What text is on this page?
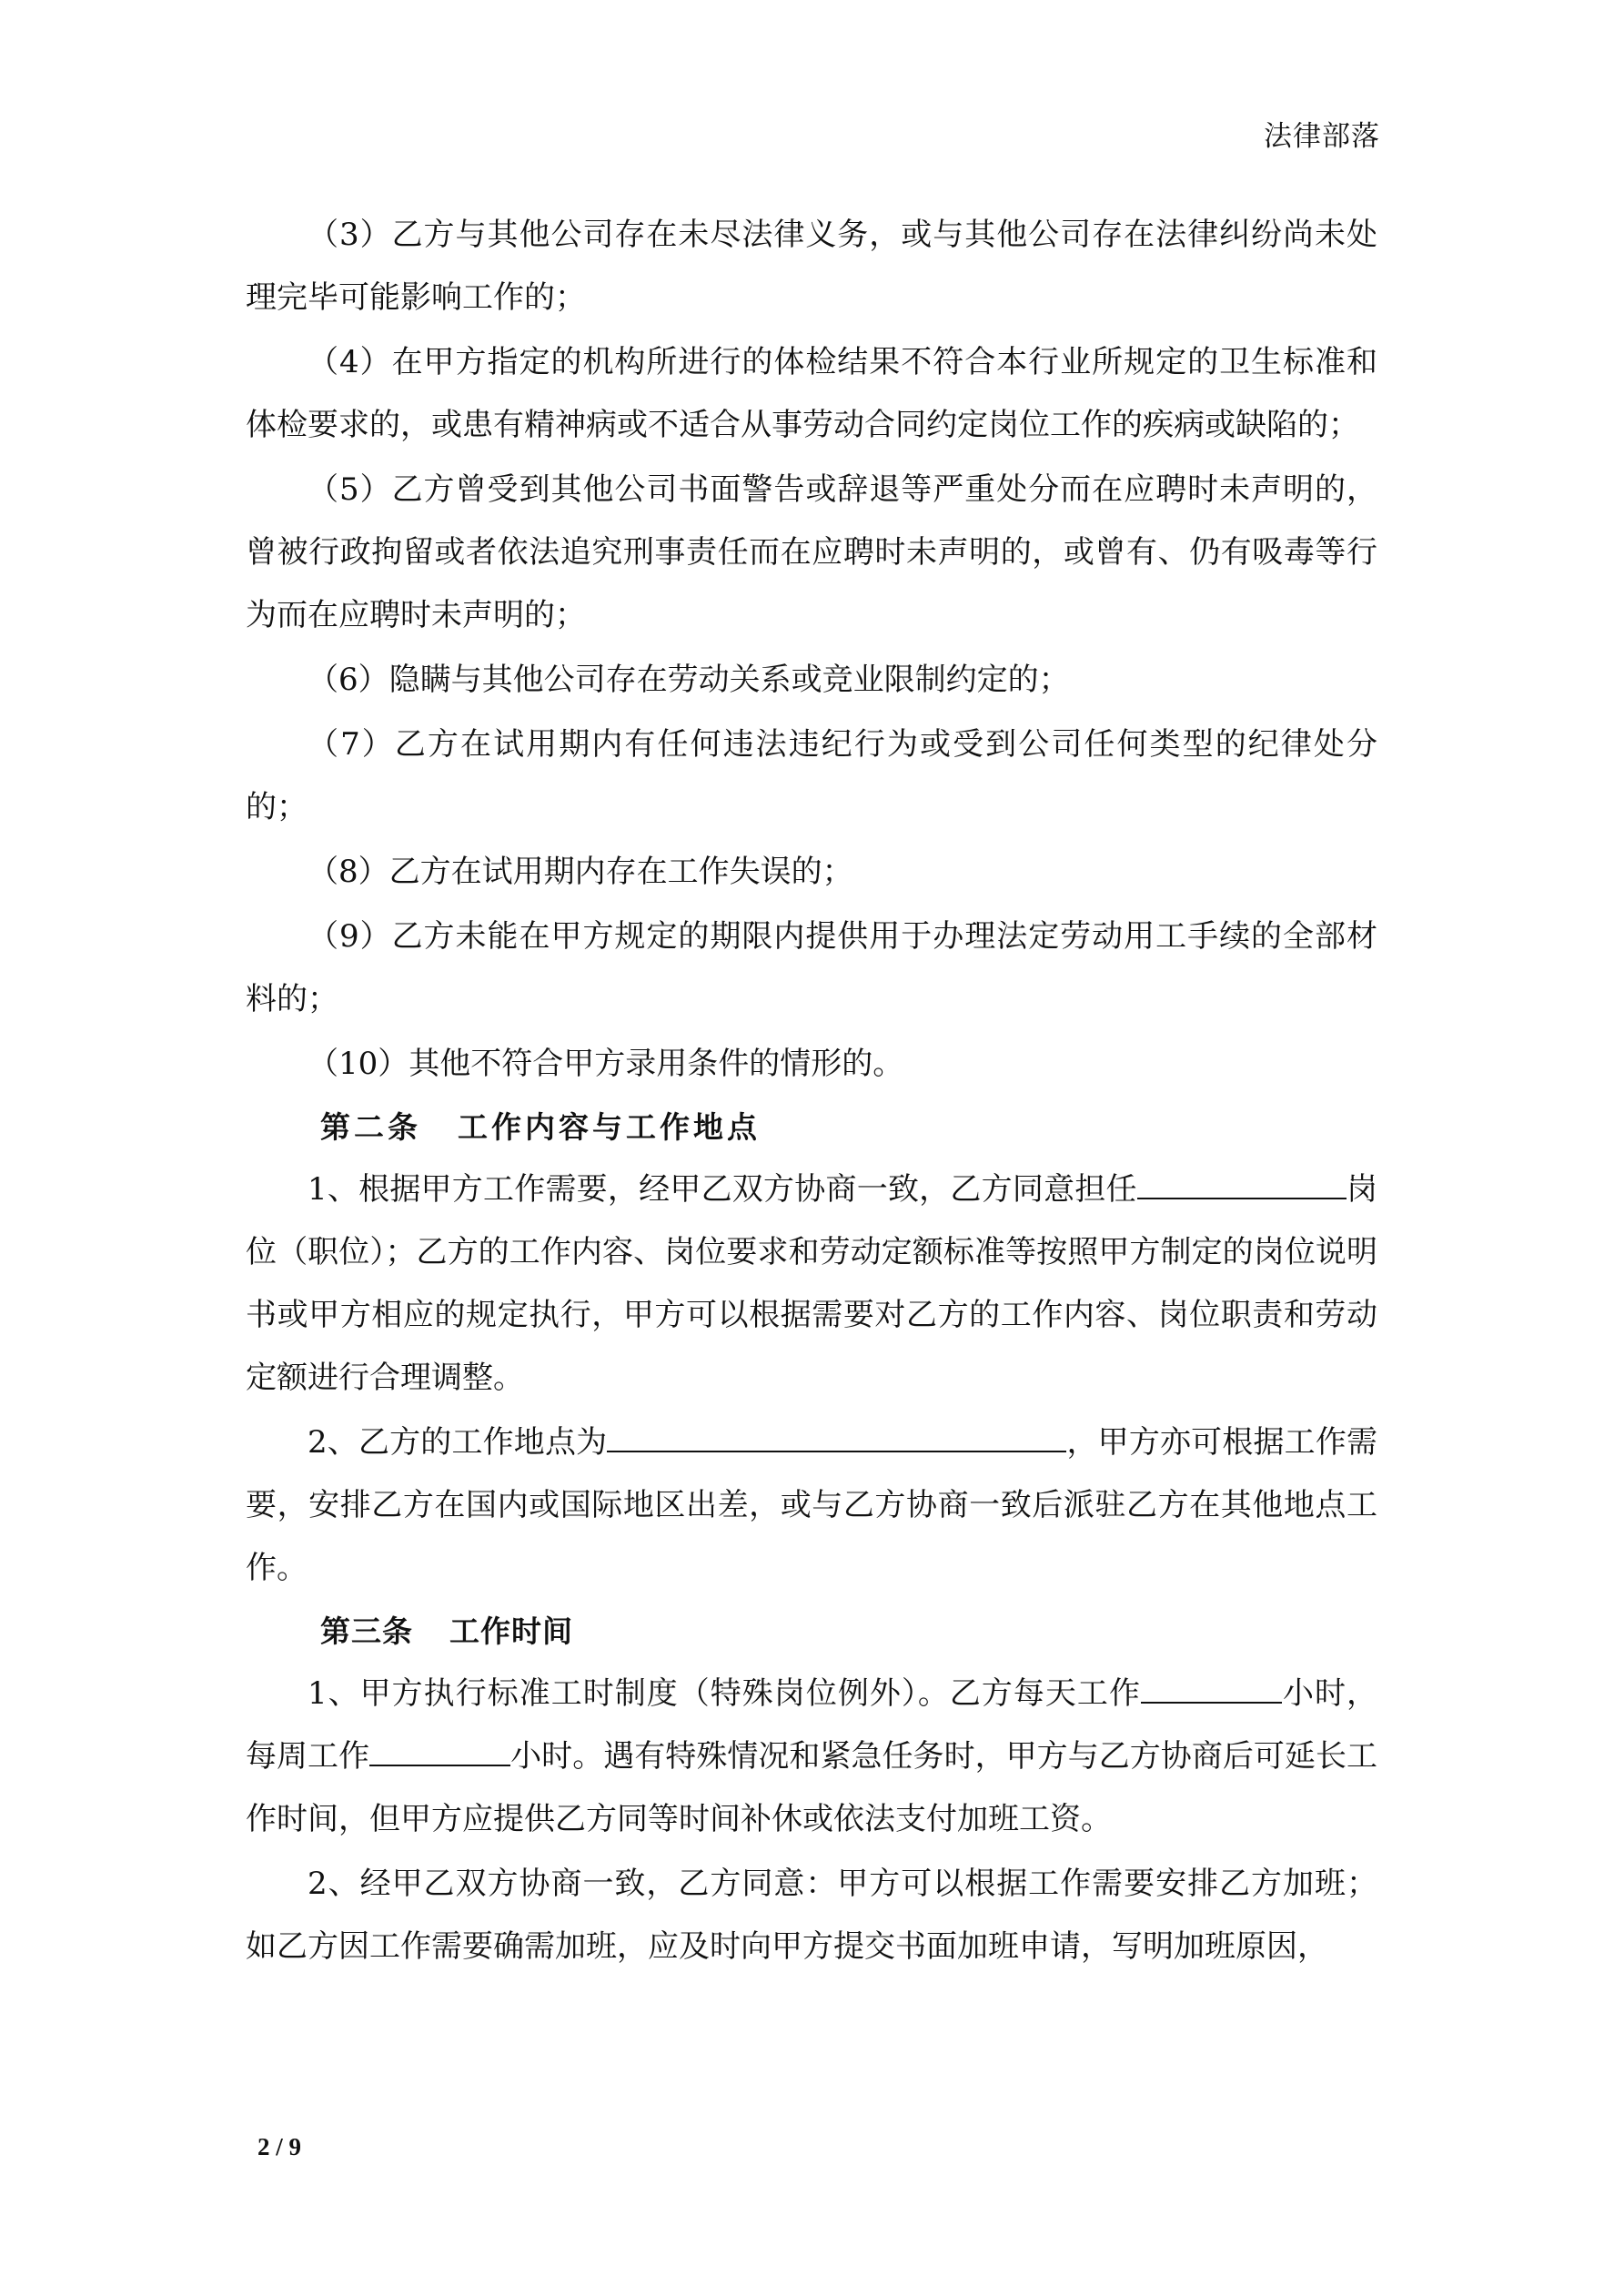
法律部落

（3）乙方与其他公司存在未尽法律义务，或与其他公司存在法律纠纷尚未处理完毕可能影响工作的；

（4）在甲方指定的机构所进行的体检结果不符合本行业所规定的卫生标准和体检要求的，或患有精神病或不适合从事劳动合同约定岗位工作的疾病或缺陷的；

（5）乙方曾受到其他公司书面警告或辞退等严重处分而在应聘时未声明的，曾被行政拘留或者依法追究刑事责任而在应聘时未声明的，或曾有、仍有吸毒等行为而在应聘时未声明的；

（6）隐瞒与其他公司存在劳动关系或竞业限制约定的；

（7）乙方在试用期内有任何违法违纪行为或受到公司任何类型的纪律处分的；

（8）乙方在试用期内存在工作失误的；

（9）乙方未能在甲方规定的期限内提供用于办理法定劳动用工手续的全部材料的；

（10）其他不符合甲方录用条件的情形的。

第二条 工作内容与工作地点

1、根据甲方工作需要，经甲乙双方协商一致，乙方同意担任	岗位（职位）；乙方的工作内容、岗位要求和劳动定额标准等按照甲方制定的岗位说明书或甲方相应的规定执行，甲方可以根据需要对乙方的工作内容、岗位职责和劳动定额进行合理调整。

2、乙方的工作地点为	，甲方亦可根据工作需要，安排乙方在国内或国际地区出差，或与乙方协商一致后派驻乙方在其他地点工作。

第三条 工作时间

1、甲方执行标准工时制度（特殊岗位例外）。乙方每天工作	小时，每周工作	小时。遇有特殊情况和紧急任务时，甲方与乙方协商后可延长工作时间，但甲方应提供乙方同等时间补休或依法支付加班工资。

2、经甲乙双方协商一致，乙方同意：甲方可以根据工作需要安排乙方加班；如乙方因工作需要确需加班，应及时向甲方提交书面加班申请，写明加班原因，

2 / 9
